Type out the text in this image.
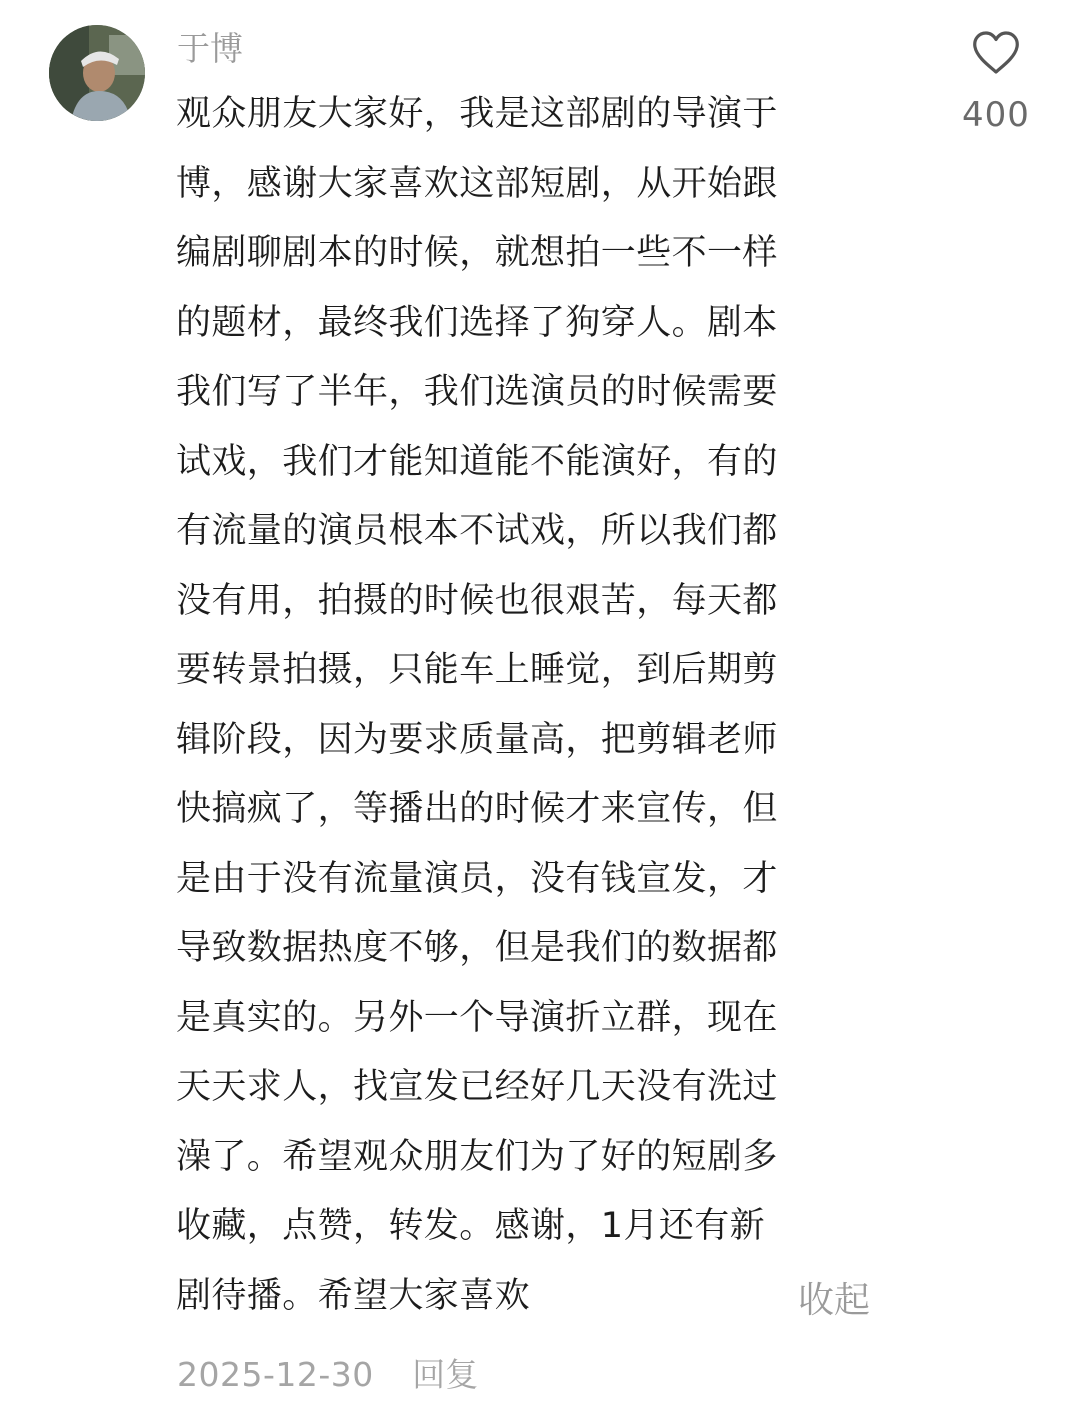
于博
观众朋友大家好，我是这部剧的导演于
博，感谢大家喜欢这部短剧，从开始跟
编剧聊剧本的时候，就想拍一些不一样
的题材，最终我们选择了狗穿人。剧本
我们写了半年，我们选演员的时候需要
试戏，我们才能知道能不能演好，有的
有流量的演员根本不试戏，所以我们都
没有用，拍摄的时候也很艰苦，每天都
要转景拍摄，只能车上睡觉，到后期剪
辑阶段，因为要求质量高，把剪辑老师
快搞疯了，等播出的时候才来宣传，但
是由于没有流量演员，没有钱宣发，才
导致数据热度不够，但是我们的数据都
是真实的。另外一个导演折立群，现在
天天求人，找宣发已经好几天没有洗过
澡了。希望观众朋友们为了好的短剧多
收藏，点赞，转发。感谢，1月还有新
剧待播。希望大家喜欢	收起
2025-12-30 回复
400
